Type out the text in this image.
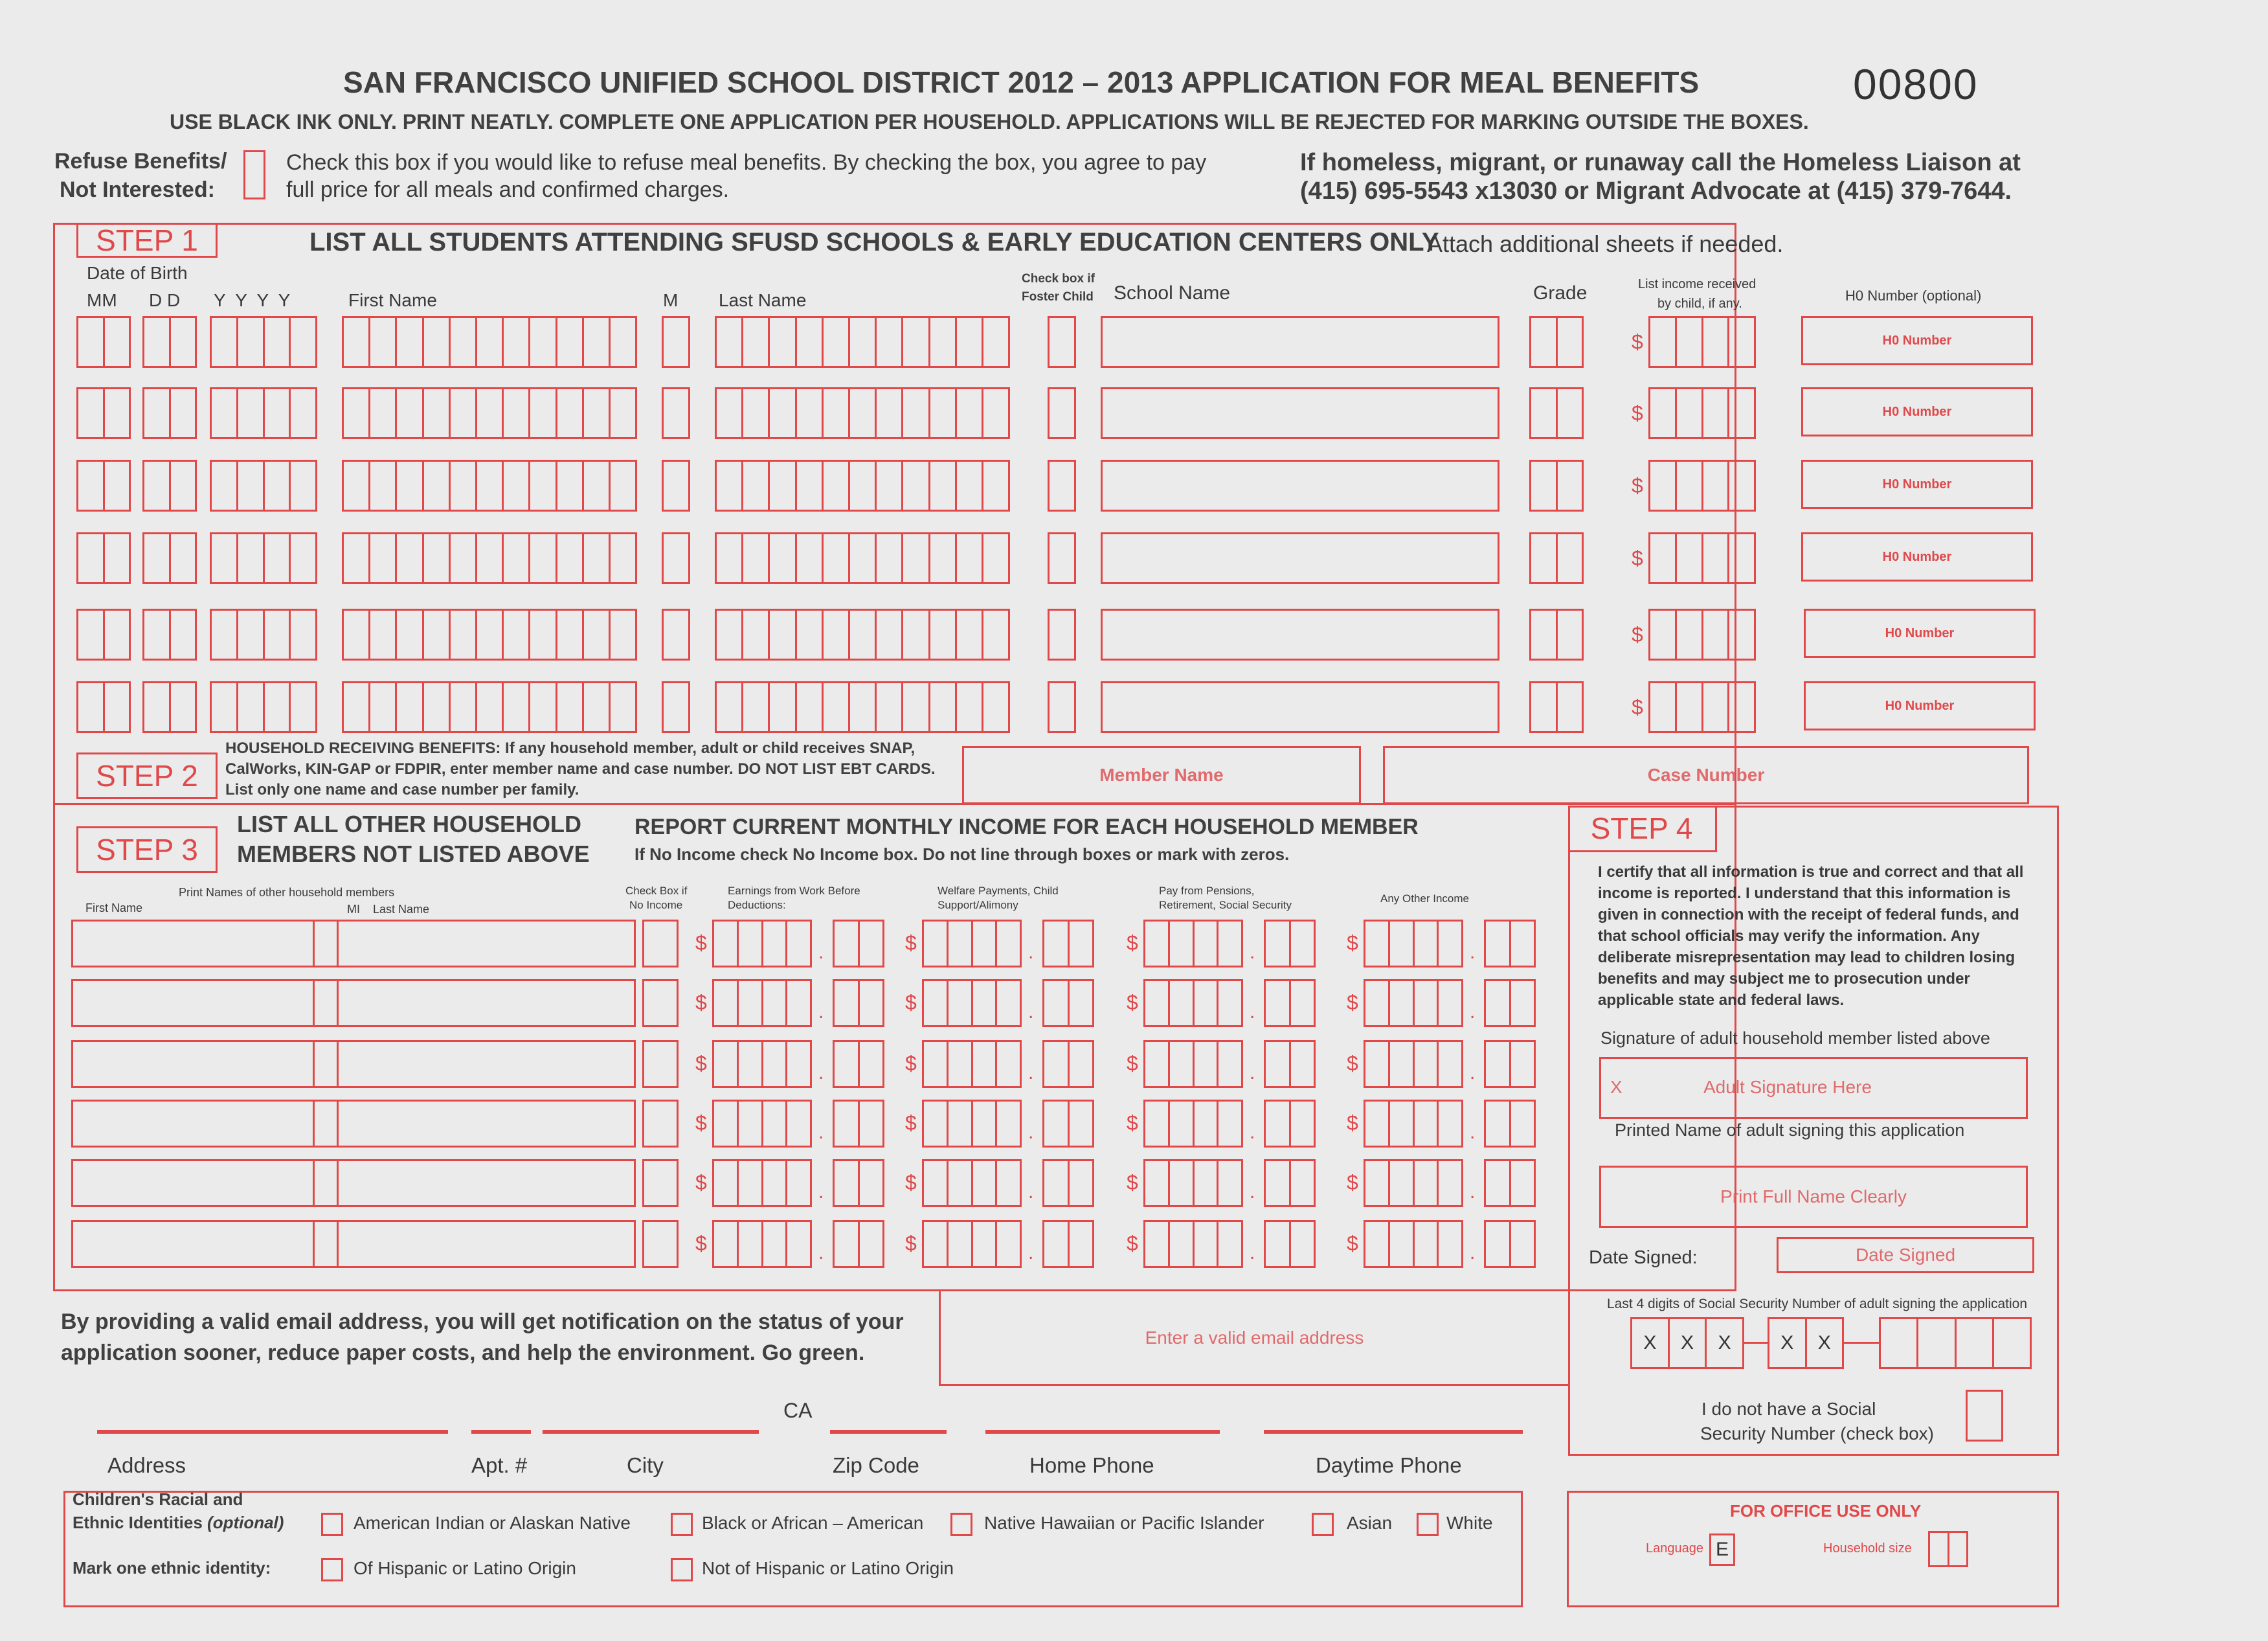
SAN FRANCISCO UNIFIED SCHOOL DISTRICT 2012 – 2013 APPLICATION FOR MEAL BENEFITS	00800
USE BLACK INK ONLY. PRINT NEATLY. COMPLETE ONE APPLICATION PER HOUSEHOLD. APPLICATIONS WILL BE REJECTED FOR MARKING OUTSIDE THE BOXES.
Refuse Benefits/
Not Interested:
Check this box if you would like to refuse meal benefits. By checking the box, you agree to pay
full price for all meals and confirmed charges.
If homeless, migrant, or runaway call the Homeless Liaison at
(415) 695-5543 x13030 or Migrant Advocate at (415) 379-7644.
STEP 1	LIST ALL STUDENTS ATTENDING SFUSD SCHOOLS & EARLY EDUCATION CENTERS ONLY
Attach additional sheets if needed.
Date of Birth
MM D D Y  Y  Y  Y	First Name	M Last Name
Check box if
Foster Child School Name	Grade	List income received
by child, if any.	H0 Number (optional)
$	H0 Number
$	H0 Number
$	H0 Number
$	H0 Number
$	H0 Number
$	H0 Number
STEP 2
HOUSEHOLD RECEIVING BENEFITS: If any household member, adult or child receives SNAP,
CalWorks, KIN-GAP or FDPIR, enter member name and case number. DO NOT LIST EBT CARDS.
List only one name and case number per family.
Member Name	Case Number
STEP 3
LIST ALL OTHER HOUSEHOLD
MEMBERS NOT LISTED ABOVE
REPORT CURRENT MONTHLY INCOME FOR EACH HOUSEHOLD MEMBER
If No Income check No Income box. Do not line through boxes or mark with zeros.
Print Names of other household members
First Name	MI Last Name
Check Box if
No Income
Earnings from Work Before
Deductions:
Welfare Payments, Child
Support/Alimony
Pay from Pensions,
Retirement, Social Security
Any Other Income
$	.	$	.	$	.	$	.
$	.	$	.	$	.	$	.
$	.	$	.	$	.	$	.
$	.	$	.	$	.	$	.
$	.	$	.	$	.	$	.
$	.	$	.	$	.	$	.
STEP 4
I certify that all information is true and correct and that all income is reported. I understand that this information is given in connection with the receipt of federal funds, and that school officials may verify the information. Any deliberate misrepresentation may lead to children losing benefits and may subject me to prosecution under applicable state and federal laws.
Signature of adult household member listed above
X	Adult Signature Here
Printed Name of adult signing this application
Print Full Name Clearly
Date Signed:	Date Signed
Last 4 digits of Social Security Number of adult signing the application
X	X	X	X	X
I do not have a Social
Security Number (check box)
By providing a valid email address, you will get notification on the status of your
application sooner, reduce paper costs, and help the environment. Go green.
Enter a valid email address
CA
Address	Apt. #	City	Zip Code	Home Phone	Daytime Phone
Children's Racial and
Ethnic Identities (optional)	American Indian or Alaskan Native	Black or African – American	Native Hawaiian or Pacific Islander	Asian	White
Mark one ethnic identity:	Of Hispanic or Latino Origin	Not of Hispanic or Latino Origin
FOR OFFICE USE ONLY
Language E	Household size
